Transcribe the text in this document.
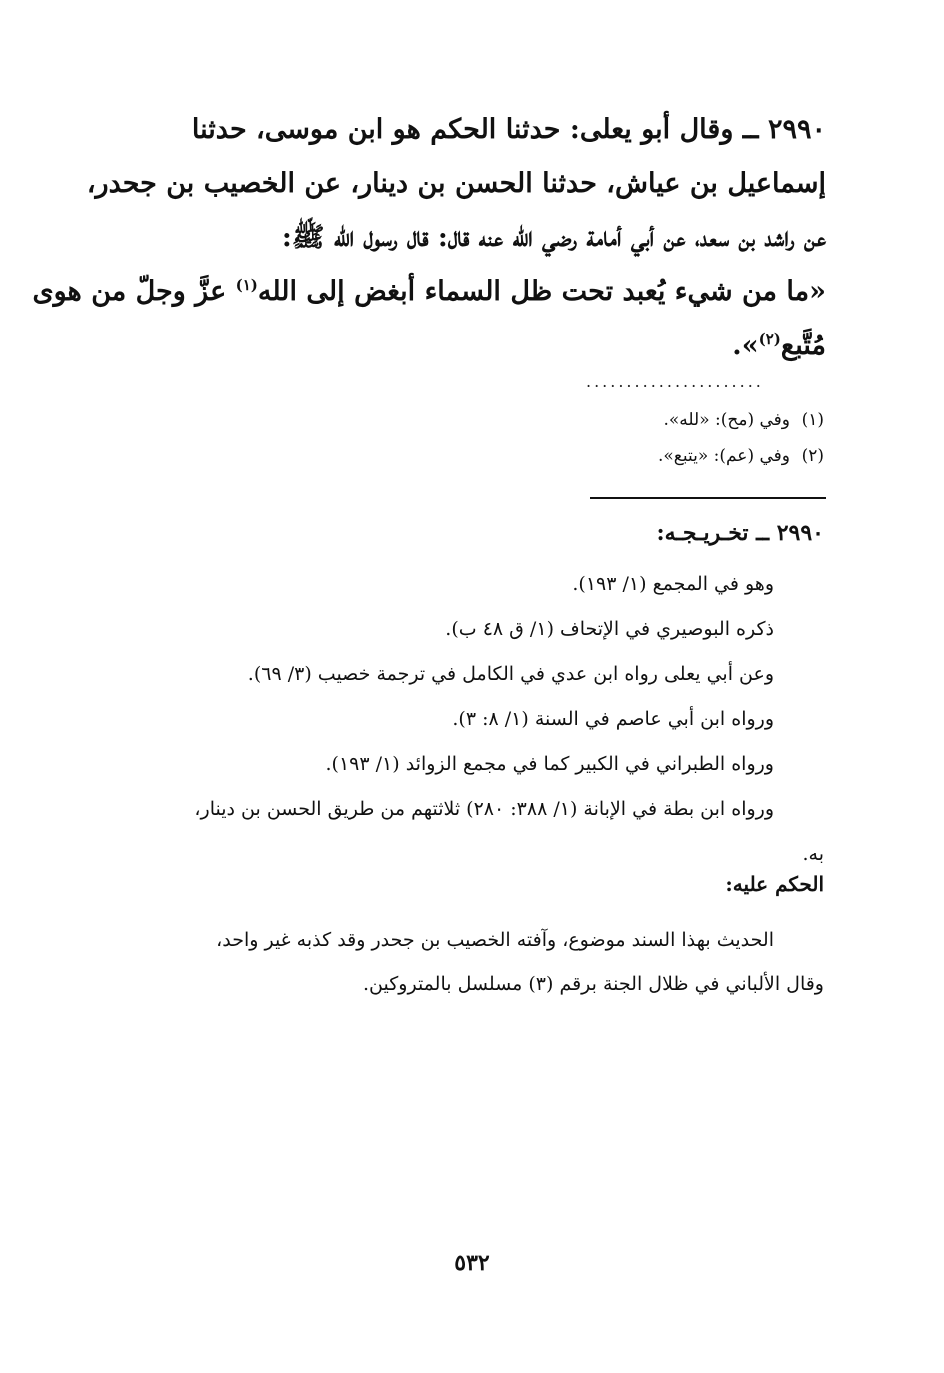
٢٩٩٠ ــ وقال أبو يعلى: حدثنا الحكم هو ابن موسى، حدثنا
إسماعيل بن عياش، حدثنا الحسن بن دينار، عن الخصيب بن جحدر،
عن راشد بن سعد، عن أبي أمامة رضي الله عنه قال: قال رسول الله ﷺ:
«ما من شيء يُعبد تحت ظل السماء أبغض إلى الله$^{(١)}$ عزَّ وجلّ من هوى
مُتَّبع$^{(٢)}$».
......................
(١)وفي (مح): «لله».
(٢)وفي (عم): «يتبع».
٢٩٩٠ ــ تخـريـجـه:
وهو في المجمع (١/ ١٩٣).
ذكره البوصيري في الإتحاف (١/ ق ٤٨ ب).
وعن أبي يعلى رواه ابن عدي في الكامل في ترجمة خصيب (٣/ ٦٩).
ورواه ابن أبي عاصم في السنة (١/ ٨: ٣).
ورواه الطبراني في الكبير كما في مجمع الزوائد (١/ ١٩٣).
ورواه ابن بطة في الإبانة (١/ ٣٨٨: ٢٨٠) ثلاثتهم من طريق الحسن بن دينار،
به.
الحكم عليه:
الحديث بهذا السند موضوع، وآفته الخصيب بن جحدر وقد كذبه غير واحد،
وقال الألباني في ظلال الجنة برقم (٣) مسلسل بالمتروكين.
٥٣٢
